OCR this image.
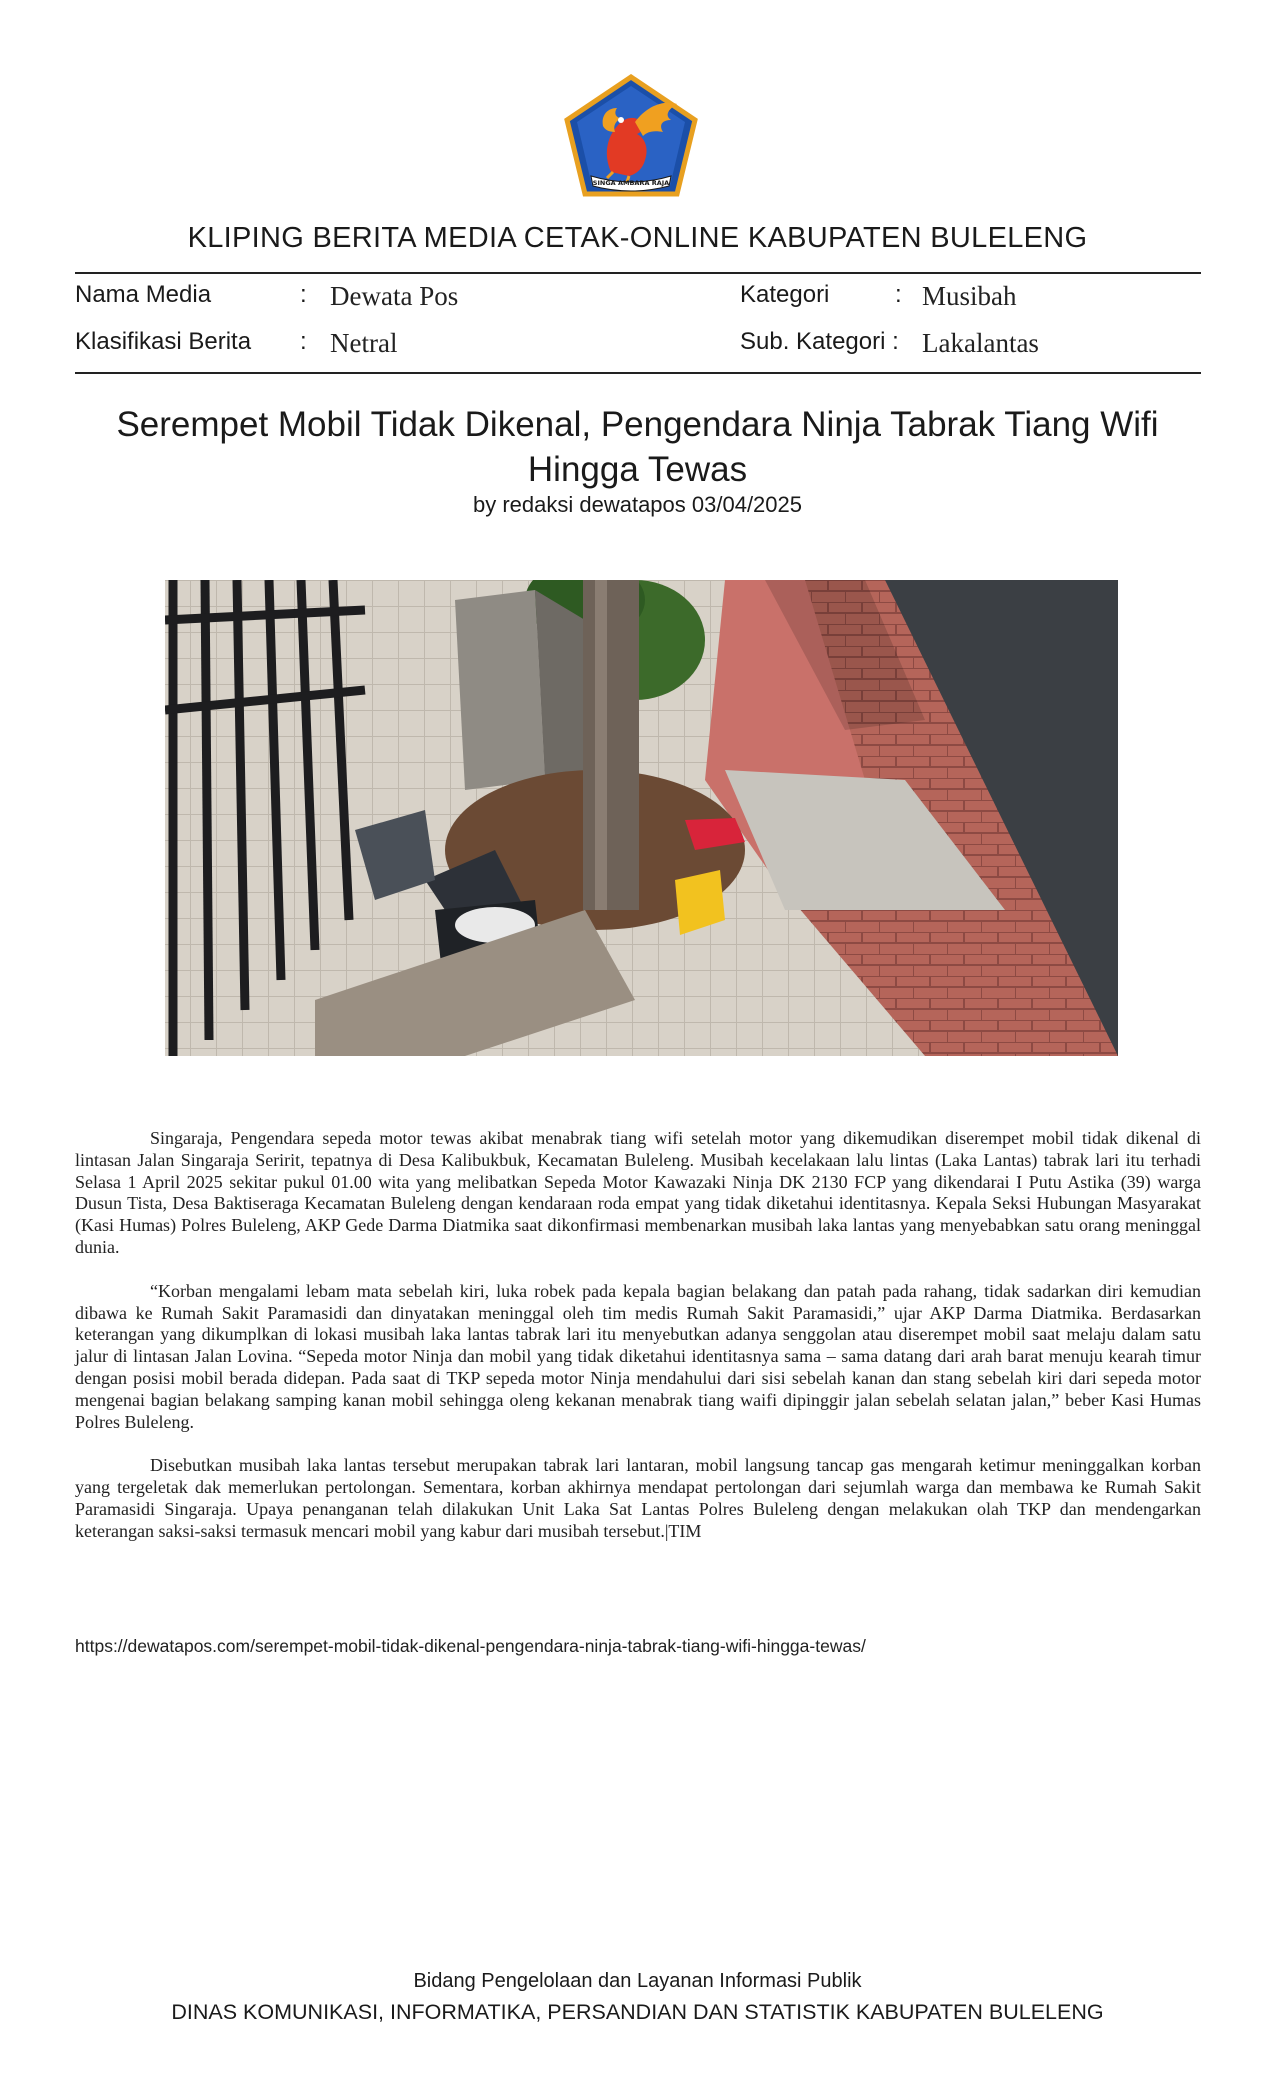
SINGA AMBARA RAJA
KLIPING BERITA MEDIA CETAK-ONLINE KABUPATEN BULELENG
Nama Media	: Dewata Pos
Klasifikasi Berita : Netral
Kategori	: Musibah
Sub. Kategori : Lakalantas
Serempet Mobil Tidak Dikenal, Pengendara Ninja Tabrak Tiang Wifi
Hingga Tewas
by redaksi dewatapos 03/04/2025

Singaraja, Pengendara sepeda motor tewas akibat menabrak tiang wifi setelah motor yang dikemudikan diserempet mobil tidak dikenal di lintasan Jalan Singaraja Seririt, tepatnya di Desa Kalibukbuk, Kecamatan Buleleng. Musibah kecelakaan lalu lintas (Laka Lantas) tabrak lari itu terhadi Selasa 1 April 2025 sekitar pukul 01.00 wita yang melibatkan Sepeda Motor Kawazaki Ninja DK 2130 FCP yang dikendarai I Putu Astika (39) warga Dusun Tista, Desa Baktiseraga Kecamatan Buleleng dengan kendaraan roda empat yang tidak diketahui identitasnya. Kepala Seksi Hubungan Masyarakat (Kasi Humas) Polres Buleleng, AKP Gede Darma Diatmika saat dikonfirmasi membenarkan musibah laka lantas yang menyebabkan satu orang meninggal dunia.

“Korban mengalami lebam mata sebelah kiri, luka robek pada kepala bagian belakang dan patah pada rahang, tidak sadarkan diri kemudian dibawa ke Rumah Sakit Paramasidi dan dinyatakan meninggal oleh tim medis Rumah Sakit Paramasidi,” ujar AKP Darma Diatmika. Berdasarkan keterangan yang dikumplkan di lokasi musibah laka lantas tabrak lari itu menyebutkan adanya senggolan atau diserempet mobil saat melaju dalam satu jalur di lintasan Jalan Lovina. “Sepeda motor Ninja dan mobil yang tidak diketahui identitasnya sama – sama datang dari arah barat menuju kearah timur dengan posisi mobil berada didepan. Pada saat di TKP sepeda motor Ninja mendahului dari sisi sebelah kanan dan stang sebelah kiri dari sepeda motor mengenai bagian belakang samping kanan mobil sehingga oleng kekanan menabrak tiang waifi dipinggir jalan sebelah selatan jalan,” beber Kasi Humas Polres Buleleng.

Disebutkan musibah laka lantas tersebut merupakan tabrak lari lantaran, mobil langsung tancap gas mengarah ketimur meninggalkan korban yang tergeletak dak memerlukan pertolongan. Sementara, korban akhirnya mendapat pertolongan dari sejumlah warga dan membawa ke Rumah Sakit Paramasidi Singaraja. Upaya penanganan telah dilakukan Unit Laka Sat Lantas Polres Buleleng dengan melakukan olah TKP dan mendengarkan keterangan saksi-saksi termasuk mencari mobil yang kabur dari musibah tersebut.|TIM

https://dewatapos.com/serempet-mobil-tidak-dikenal-pengendara-ninja-tabrak-tiang-wifi-hingga-tewas/
Bidang Pengelolaan dan Layanan Informasi Publik
DINAS KOMUNIKASI, INFORMATIKA, PERSANDIAN DAN STATISTIK KABUPATEN BULELENG
